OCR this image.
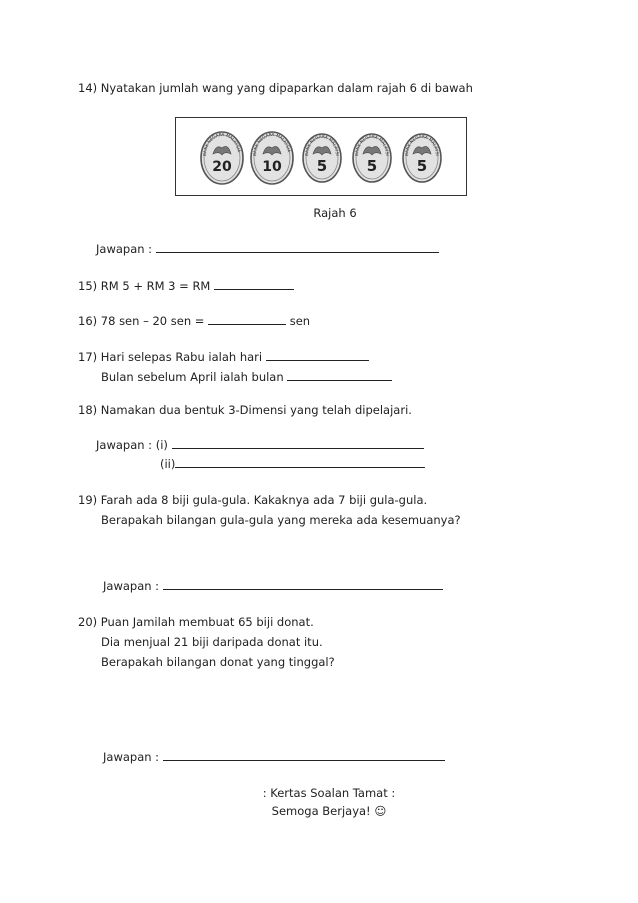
14) Nyatakan jumlah wang yang dipaparkan dalam rajah 6 di bawah
BANK NEGARA MALAYSIA
20
BANK NEGARA MALAYSIA
10
BANK NEGARA MALAYSI
5
BANK NEGARA MALAYSI
5
BANK NEGARA MALAYSI
5
Rajah 6
Jawapan :
15) RM 5 + RM 3 = RM
16) 78 sen – 20 sen =	sen
17) Hari selepas Rabu ialah hari
Bulan sebelum April ialah bulan
18) Namakan dua bentuk 3-Dimensi yang telah dipelajari.
Jawapan : (i)
(ii)
19) Farah ada 8 biji gula-gula. Kakaknya ada 7 biji gula-gula.
Berapakah bilangan gula-gula yang mereka ada kesemuanya?
Jawapan :
20) Puan Jamilah membuat 65 biji donat.
Dia menjual 21 biji daripada donat itu.
Berapakah bilangan donat yang tinggal?
Jawapan :
: Kertas Soalan Tamat :
Semoga Berjaya! ☺
